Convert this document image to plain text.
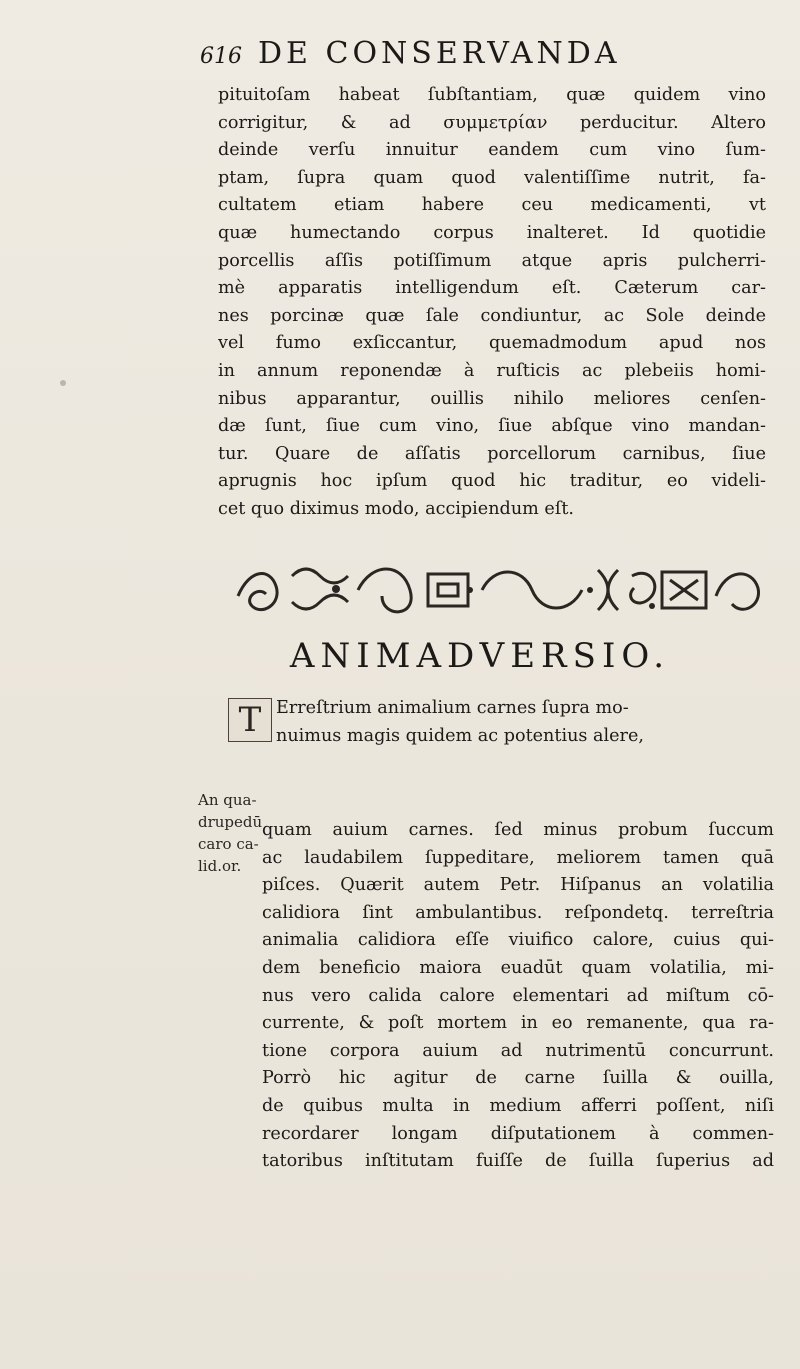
616 DE CONSERVANDA
pituitoſam habeat ſubſtantiam, quæ quidem vino
corrigitur, & ad συμμετρίαν perducitur. Altero
deinde verſu innuitur eandem cum vino ſum-
ptam, ſupra quam quod valentiſſime nutrit, fa-
cultatem etiam habere ceu medicamenti, vt
quæ humectando corpus inalteret. Id quotidie
porcellis aſſis potiſſimum atque apris pulcherri-
mè apparatis intelligendum eſt. Cæterum car-
nes porcinæ quæ ſale condiuntur, ac Sole deinde
vel fumo exſiccantur, quemadmodum apud nos
in annum reponendæ à ruſticis ac plebeiis homi-
nibus apparantur, ouillis nihilo meliores cenſen-
dæ ſunt, ſiue cum vino, ſiue abſque vino mandan-
tur. Quare de aſſatis porcellorum carnibus, ſiue
aprugnis hoc ipſum quod hic traditur, eo videli-
cet quo diximus modo, accipiendum eſt.
ANIMADVERSIO.
T Erreſtrium animalium carnes ſupra mo-
nuimus magis quidem ac potentius alere,
quam auium carnes. ſed minus probum ſuccum
ac laudabilem ſuppeditare, meliorem tamen quā
piſces. Quærit autem Petr. Hiſpanus an volatilia
calidiora ſint ambulantibus. reſpondetq. terreſtria
animalia calidiora eſſe viuifico calore, cuius qui-
dem beneficio maiora euadūt quam volatilia, mi-
nus vero calida calore elementari ad miſtum cō-
currente, & poſt mortem in eo remanente, qua ra-
tione corpora auium ad nutrimentū concurrunt.
Porrò hic agitur de carne ſuilla & ouilla,
de quibus multa in medium afferri poſſent, niſi
recordarer longam diſputationem à commen-
tatoribus inſtitutam fuiſſe de ſuilla ſuperius ad
An qua-
drupedū
caro ca-
lid.or.
